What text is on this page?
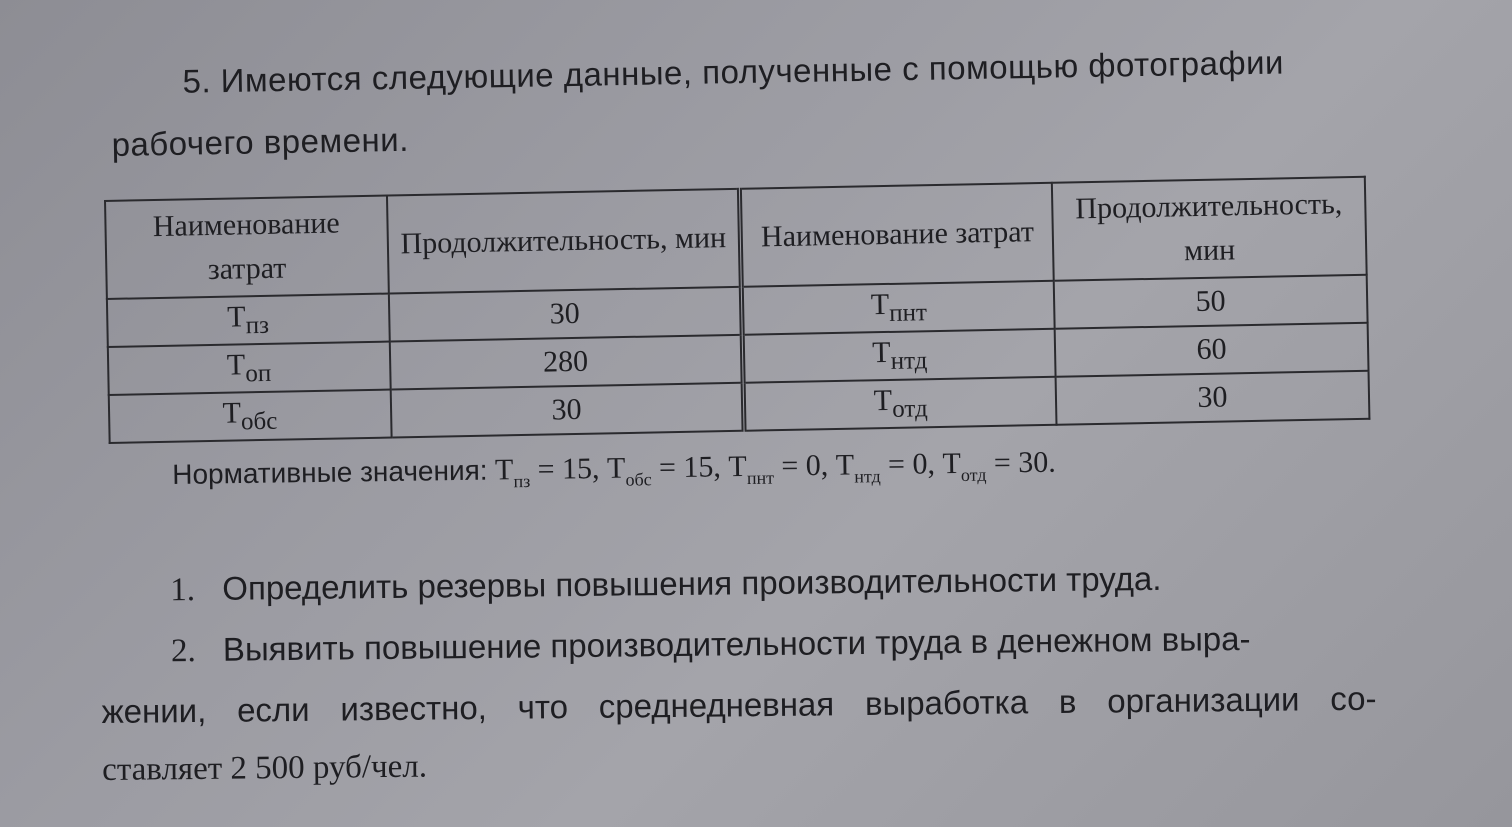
5. Имеются следующие данные, полученные с помощью фотографии
рабочего времени.
Наименование затрат	Продолжительность, мин	Наименование затрат	Продолжительность, мин
$Т_{пз}$	30	$Т_{пнт}$	50
$Т_{оп}$	280	$Т_{нтд}$	60
$Т_{обс}$	30	$Т_{отд}$	30
Нормативные значения: $Т_{пз} = 15$, $Т_{обс} = 15$, $Т_{пнт} = 0$, $Т_{нтд} = 0$, $Т_{отд} = 30$.
1. Определить резервы повышения производительности труда.
2. Выявить повышение производительности труда в денежном выра-
жении, если известно, что среднедневная выработка в организации со-
ставляет 2 500 руб/чел.
